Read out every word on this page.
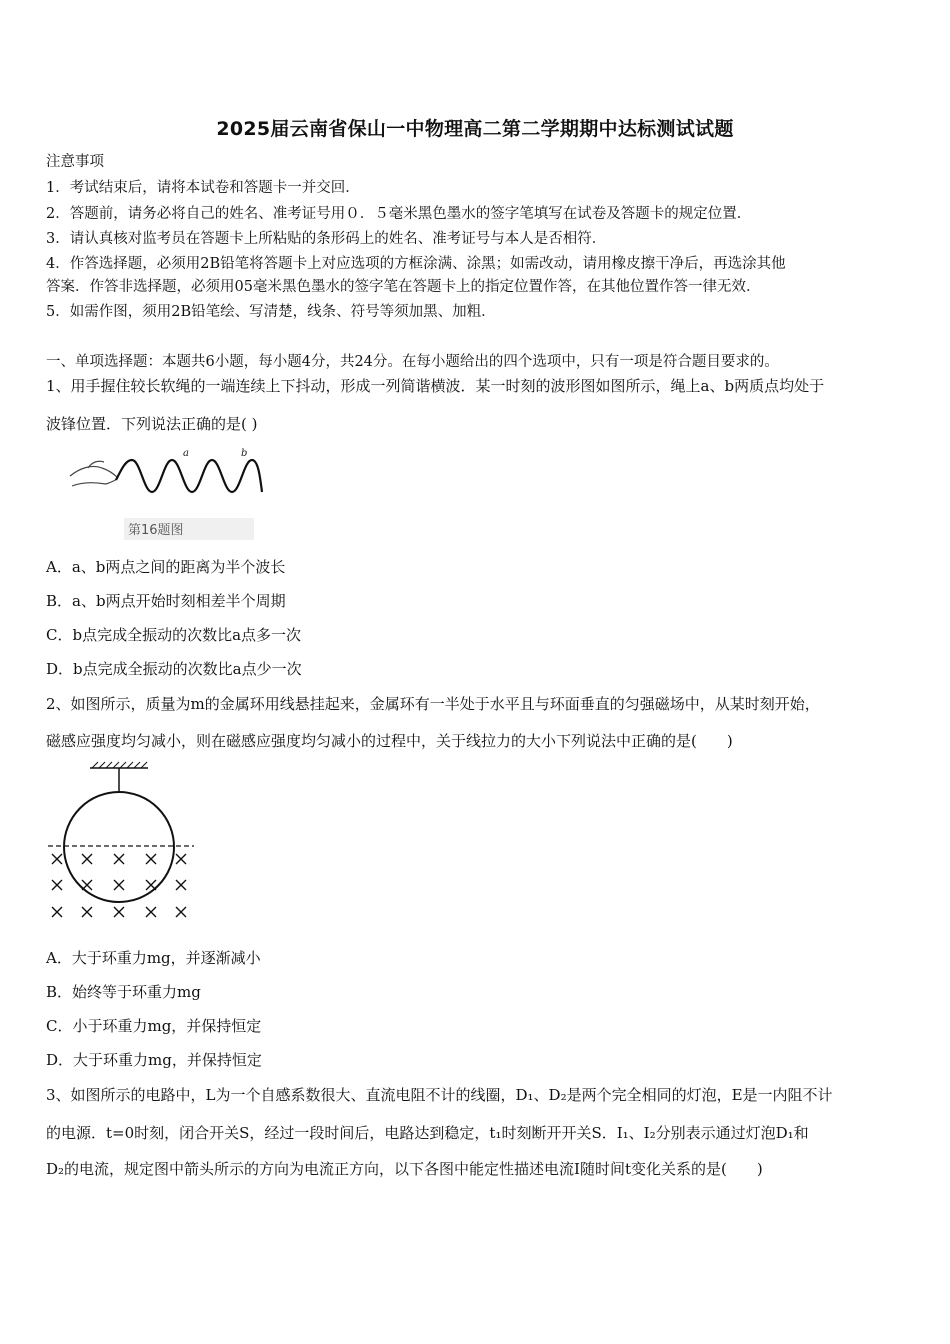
2025届云南省保山一中物理高二第二学期期中达标测试试题
注意事项
1．考试结束后，请将本试卷和答题卡一并交回．
2．答题前，请务必将自己的姓名、准考证号用０．５毫米黑色墨水的签字笔填写在试卷及答题卡的规定位置．
3．请认真核对监考员在答题卡上所粘贴的条形码上的姓名、准考证号与本人是否相符．
4．作答选择题，必须用2B铅笔将答题卡上对应选项的方框涂满、涂黑；如需改动，请用橡皮擦干净后，再选涂其他
答案．作答非选择题，必须用05毫米黑色墨水的签字笔在答题卡上的指定位置作答，在其他位置作答一律无效．
5．如需作图，须用2B铅笔绘、写清楚，线条、符号等须加黑、加粗．
一、单项选择题：本题共6小题，每小题4分，共24分。在每小题给出的四个选项中，只有一项是符合题目要求的。
1、用手握住较长软绳的一端连续上下抖动，形成一列简谐横波．某一时刻的波形图如图所示，绳上a、b两质点均处于
波锋位置．下列说法正确的是( )
a	b
第16题图
A．a、b两点之间的距离为半个波长
B．a、b两点开始时刻相差半个周期
C．b点完成全振动的次数比a点多一次
D．b点完成全振动的次数比a点少一次
2、如图所示，质量为m的金属环用线悬挂起来，金属环有一半处于水平且与环面垂直的匀强磁场中，从某时刻开始，
磁感应强度均匀减小，则在磁感应强度均匀减小的过程中，关于线拉力的大小下列说法中正确的是(　　)
A．大于环重力mg，并逐渐减小
B．始终等于环重力mg
C．小于环重力mg，并保持恒定
D．大于环重力mg，并保持恒定
3、如图所示的电路中，L为一个自感系数很大、直流电阻不计的线圈，D₁、D₂是两个完全相同的灯泡，E是一内阻不计
的电源．t=0时刻，闭合开关S，经过一段时间后，电路达到稳定，t₁时刻断开开关S．I₁、I₂分别表示通过灯泡D₁和
D₂的电流，规定图中箭头所示的方向为电流正方向，以下各图中能定性描述电流I随时间t变化关系的是(　　)
